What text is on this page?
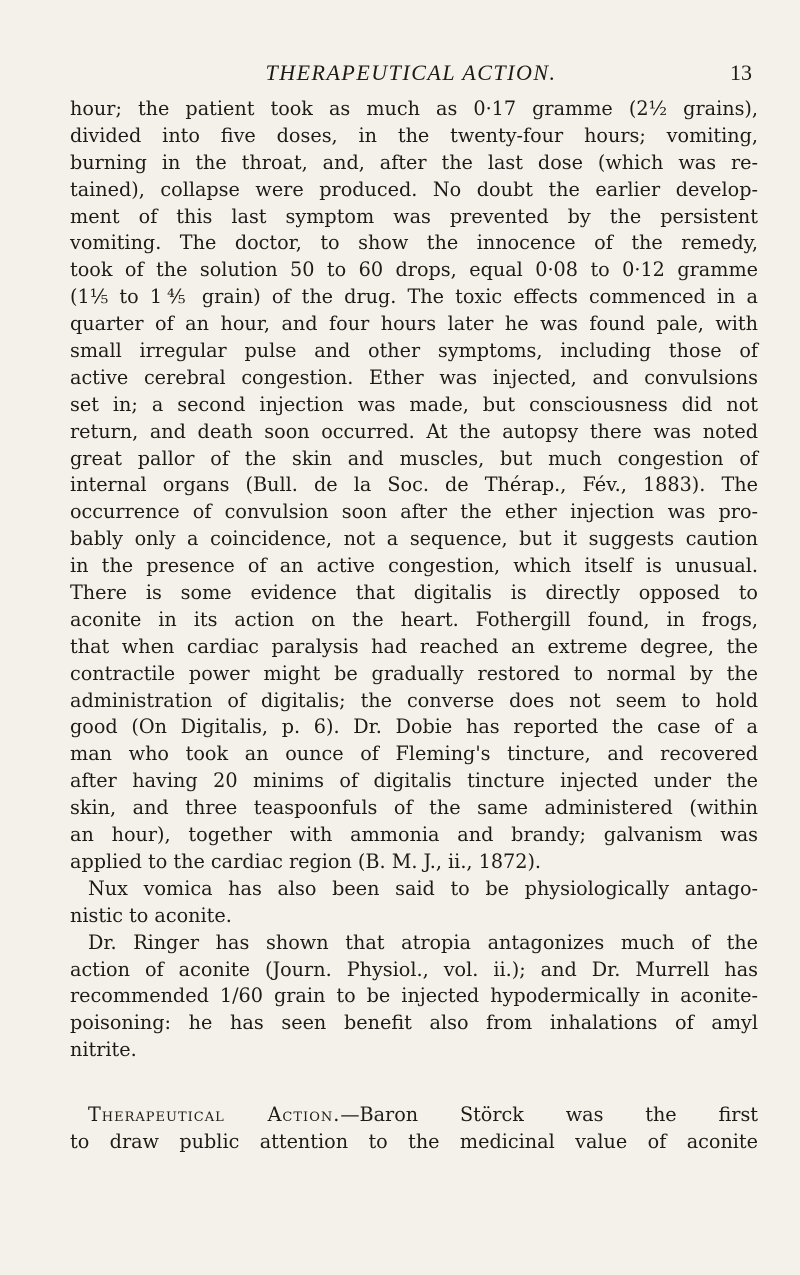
THERAPEUTICAL ACTION.	13
hour; the patient took as much as 0·17 gramme (2½ grains),
divided into five doses, in the twenty-four hours; vomiting,
burning in the throat, and, after the last dose (which was re-
tained), collapse were produced. No doubt the earlier develop-
ment of this last symptom was prevented by the persistent
vomiting. The doctor, to show the innocence of the remedy,
took of the solution 50 to 60 drops, equal 0·08 to 0·12 gramme
(1⅕ to 1⅘ grain) of the drug. The toxic effects commenced in a
quarter of an hour, and four hours later he was found pale, with
small irregular pulse and other symptoms, including those of
active cerebral congestion. Ether was injected, and convulsions
set in; a second injection was made, but consciousness did not
return, and death soon occurred. At the autopsy there was noted
great pallor of the skin and muscles, but much congestion of
internal organs (Bull. de la Soc. de Thérap., Fév., 1883). The
occurrence of convulsion soon after the ether injection was pro-
bably only a coincidence, not a sequence, but it suggests caution
in the presence of an active congestion, which itself is unusual.
There is some evidence that digitalis is directly opposed to
aconite in its action on the heart. Fothergill found, in frogs,
that when cardiac paralysis had reached an extreme degree, the
contractile power might be gradually restored to normal by the
administration of digitalis; the converse does not seem to hold
good (On Digitalis, p. 6). Dr. Dobie has reported the case of a
man who took an ounce of Fleming's tincture, and recovered
after having 20 minims of digitalis tincture injected under the
skin, and three teaspoonfuls of the same administered (within
an hour), together with ammonia and brandy; galvanism was
applied to the cardiac region (B. M. J., ii., 1872).
Nux vomica has also been said to be physiologically antago-
nistic to aconite.
Dr. Ringer has shown that atropia antagonizes much of the
action of aconite (Journ. Physiol., vol. ii.); and Dr. Murrell has
recommended 1/60 grain to be injected hypodermically in aconite-
poisoning: he has seen benefit also from inhalations of amyl
nitrite.
Therapeutical Action.—Baron Störck was the first
to draw public attention to the medicinal value of aconite
